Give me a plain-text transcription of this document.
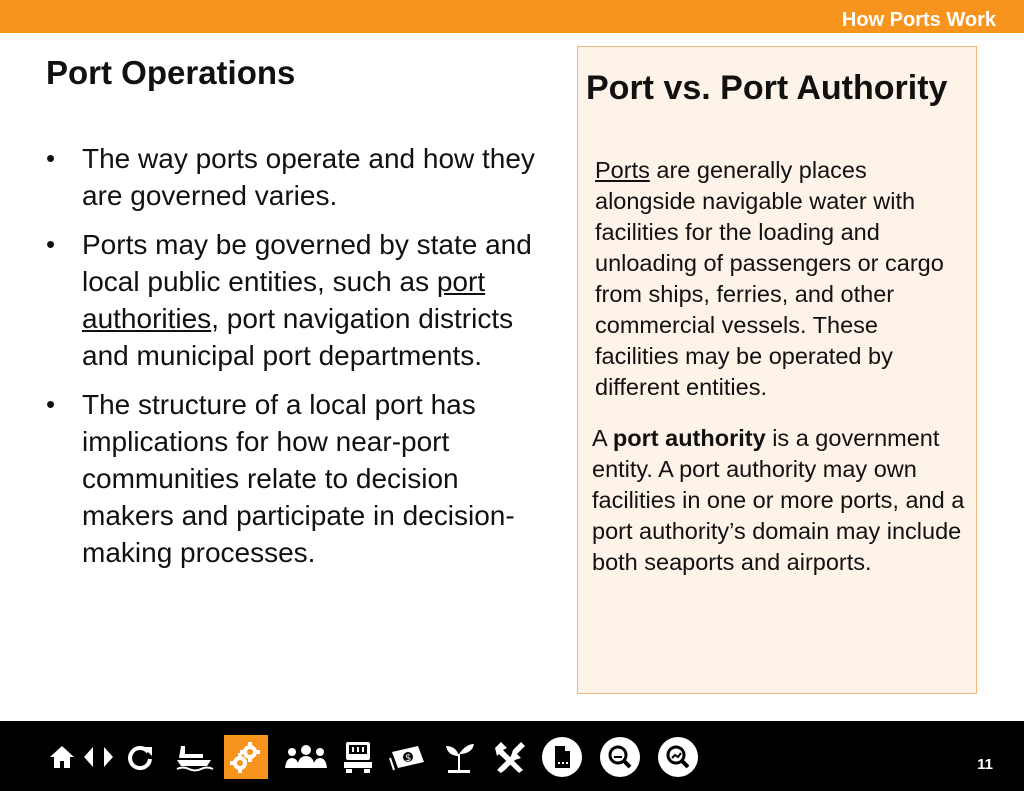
How Ports Work
Port Operations
• The way ports operate and how they are governed varies.
• Ports may be governed by state and local public entities, such as port authorities, port navigation districts and municipal port departments.
• The structure of a local port has implications for how near-port communities relate to decision makers and participate in decision-making processes.
Port vs. Port Authority
Ports are generally places alongside navigable water with facilities for the loading and unloading of passengers or cargo from ships, ferries, and other commercial vessels. These facilities may be operated by different entities.
A port authority is a government entity. A port authority may own facilities in one or more ports, and a port authority’s domain may include both seaports and airports.
$	11
